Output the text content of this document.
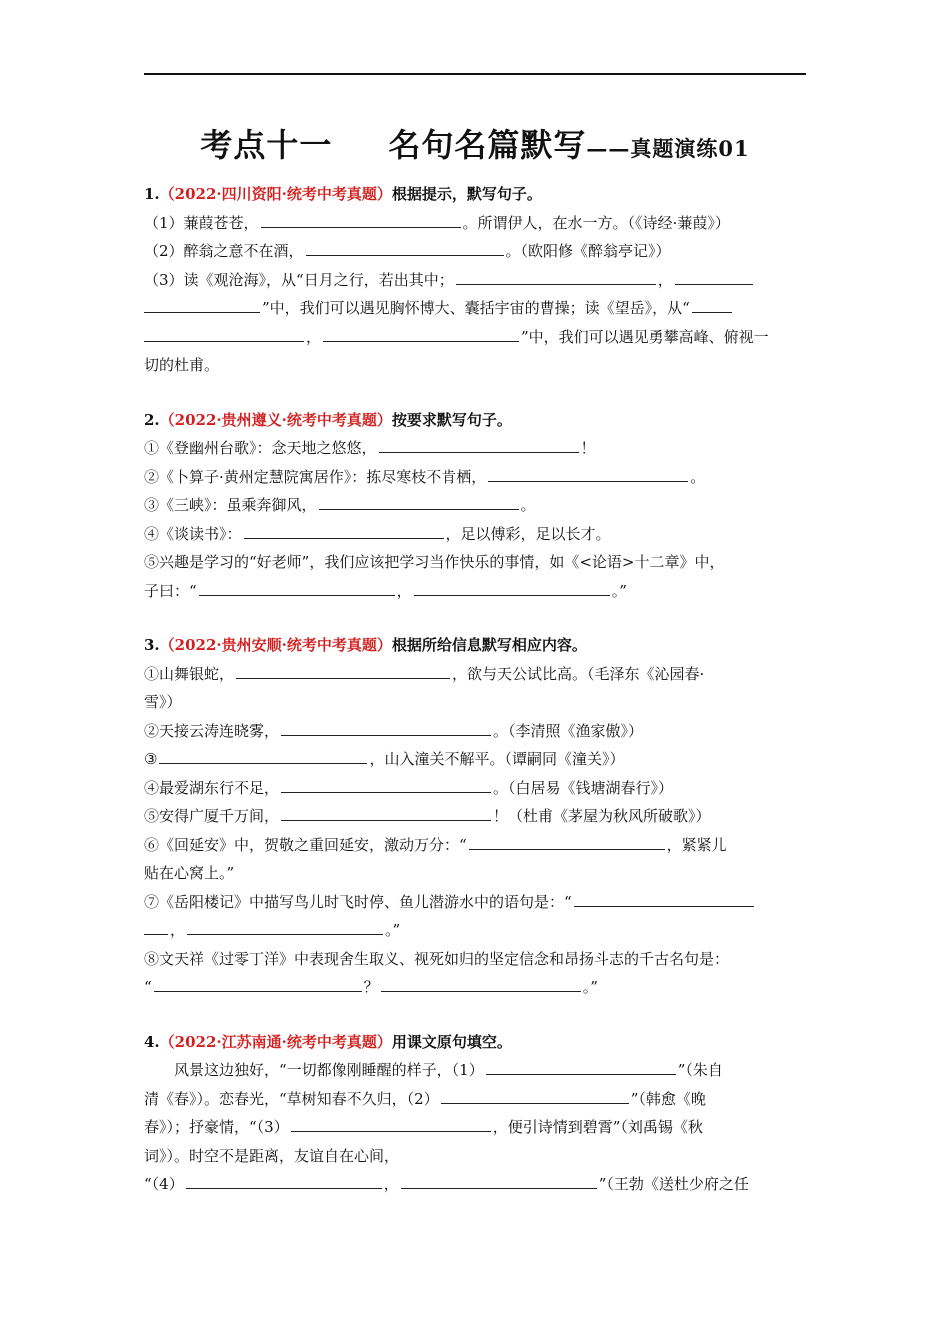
考点十一 名句名篇默写——真题演练01
1.（2022·四川资阳·统考中考真题）根据提示，默写句子。
（1）蒹葭苍苍，	。所谓伊人，在水一方。（《诗经·蒹葭》）
（2）醉翁之意不在酒，	。（欧阳修《醉翁亭记》）
（3）读《观沧海》，从“日月之行，若出其中；	，
”中，我们可以遇见胸怀博大、囊括宇宙的曹操；读《望岳》，从“
，	”中，我们可以遇见勇攀高峰、俯视一
切的杜甫。
2.（2022·贵州遵义·统考中考真题）按要求默写句子。
①《登幽州台歌》：念天地之悠悠，	！
②《卜算子·黄州定慧院寓居作》：拣尽寒枝不肯栖，	。
③《三峡》：虽乘奔御风，	。
④《谈读书》：	，足以傅彩，足以长才。
⑤兴趣是学习的“好老师”，我们应该把学习当作快乐的事情，如《<论语>十二章》中，
子曰：“	，	。”
3.（2022·贵州安顺·统考中考真题）根据所给信息默写相应内容。
①山舞银蛇，	，欲与天公试比高。（毛泽东《沁园春·
雪》）
②天接云涛连晓雾，	。（李清照《渔家傲》）
③	，山入潼关不解平。（谭嗣同《潼关》）
④最爱湖东行不足，	。（白居易《钱塘湖春行》）
⑤安得广厦千万间，	！（杜甫《茅屋为秋风所破歌》）
⑥《回延安》中，贺敬之重回延安，激动万分：“	，紧紧儿
贴在心窝上。”
⑦《岳阳楼记》中描写鸟儿时飞时停、鱼儿潜游水中的语句是：“
，	。”
⑧文天祥《过零丁洋》中表现舍生取义、视死如归的坚定信念和昂扬斗志的千古名句是：
“	？	。”
4.（2022·江苏南通·统考中考真题）用课文原句填空。
风景这边独好，“一切都像刚睡醒的样子，（1）	”（朱自
清《春》）。恋春光，“草树知春不久归，（2）	”（韩愈《晚
春》）；抒豪情，“（3）	，便引诗情到碧霄”（刘禹锡《秋
词》）。时空不是距离，友谊自在心间，
“（4）	，	”（王勃《送杜少府之任
